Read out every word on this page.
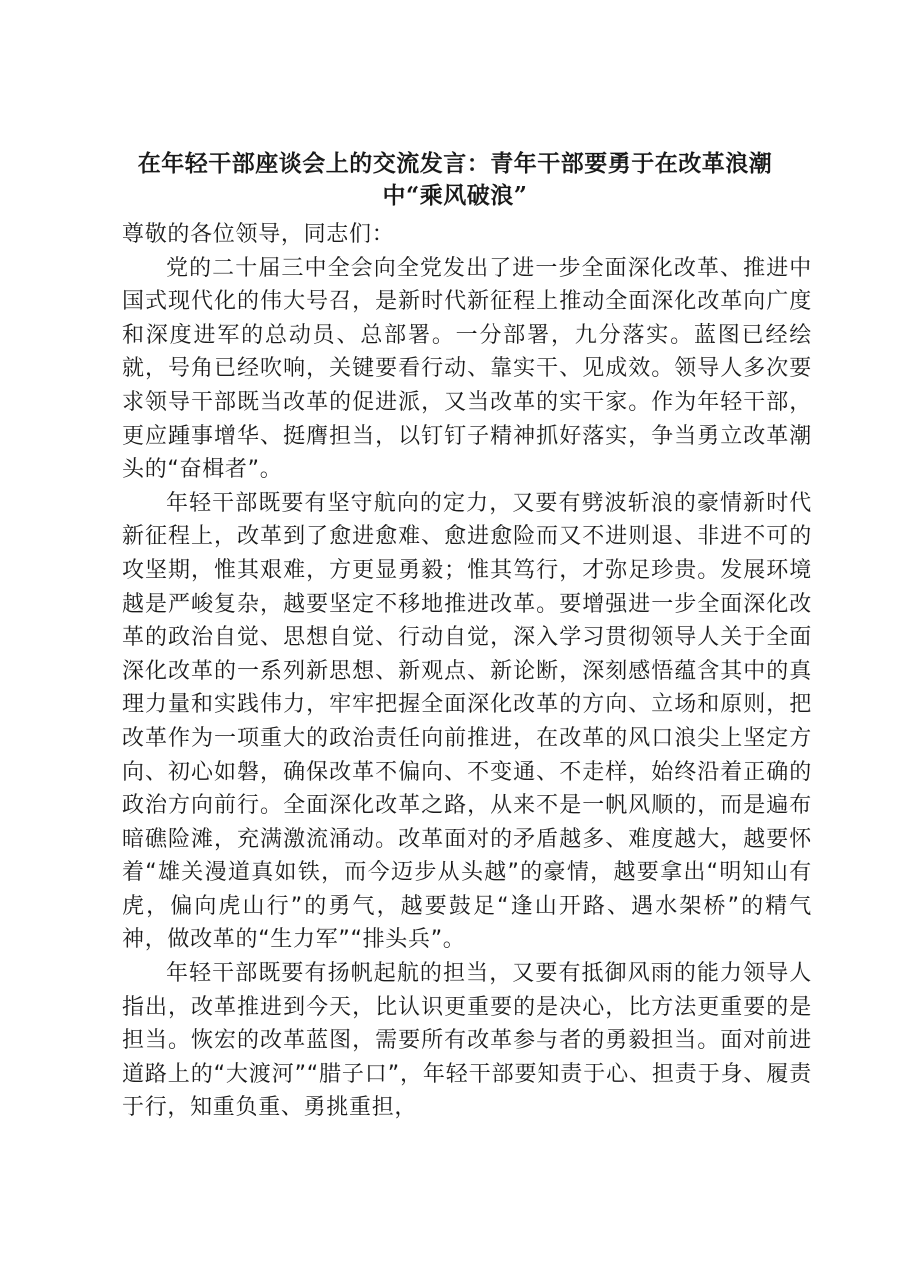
在年轻干部座谈会上的交流发言：青年干部要勇于在改革浪潮中“乘风破浪”

尊敬的各位领导，同志们：

党的二十届三中全会向全党发出了进一步全面深化改革、推进中国式现代化的伟大号召，是新时代新征程上推动全面深化改革向广度和深度进军的总动员、总部署。一分部署，九分落实。蓝图已经绘就，号角已经吹响，关键要看行动、靠实干、见成效。领导人多次要求领导干部既当改革的促进派，又当改革的实干家。作为年轻干部，更应踵事增华、挺膺担当，以钉钉子精神抓好落实，争当勇立改革潮头的“奋楫者”。

年轻干部既要有坚守航向的定力，又要有劈波斩浪的豪情新时代新征程上，改革到了愈进愈难、愈进愈险而又不进则退、非进不可的攻坚期，惟其艰难，方更显勇毅；惟其笃行，才弥足珍贵。发展环境越是严峻复杂，越要坚定不移地推进改革。要增强进一步全面深化改革的政治自觉、思想自觉、行动自觉，深入学习贯彻领导人关于全面深化改革的一系列新思想、新观点、新论断，深刻感悟蕴含其中的真理力量和实践伟力，牢牢把握全面深化改革的方向、立场和原则，把改革作为一项重大的政治责任向前推进，在改革的风口浪尖上坚定方向、初心如磐，确保改革不偏向、不变通、不走样，始终沿着正确的政治方向前行。全面深化改革之路，从来不是一帆风顺的，而是遍布暗礁险滩，充满激流涌动。改革面对的矛盾越多、难度越大，越要怀着“雄关漫道真如铁，而今迈步从头越”的豪情，越要拿出“明知山有虎，偏向虎山行”的勇气，越要鼓足“逢山开路、遇水架桥”的精气神，做改革的“生力军”“排头兵”。

年轻干部既要有扬帆起航的担当，又要有抵御风雨的能力领导人指出，改革推进到今天，比认识更重要的是决心，比方法更重要的是担当。恢宏的改革蓝图，需要所有改革参与者的勇毅担当。面对前进道路上的“大渡河”“腊子口”，年轻干部要知责于心、担责于身、履责于行，知重负重、勇挑重担，
